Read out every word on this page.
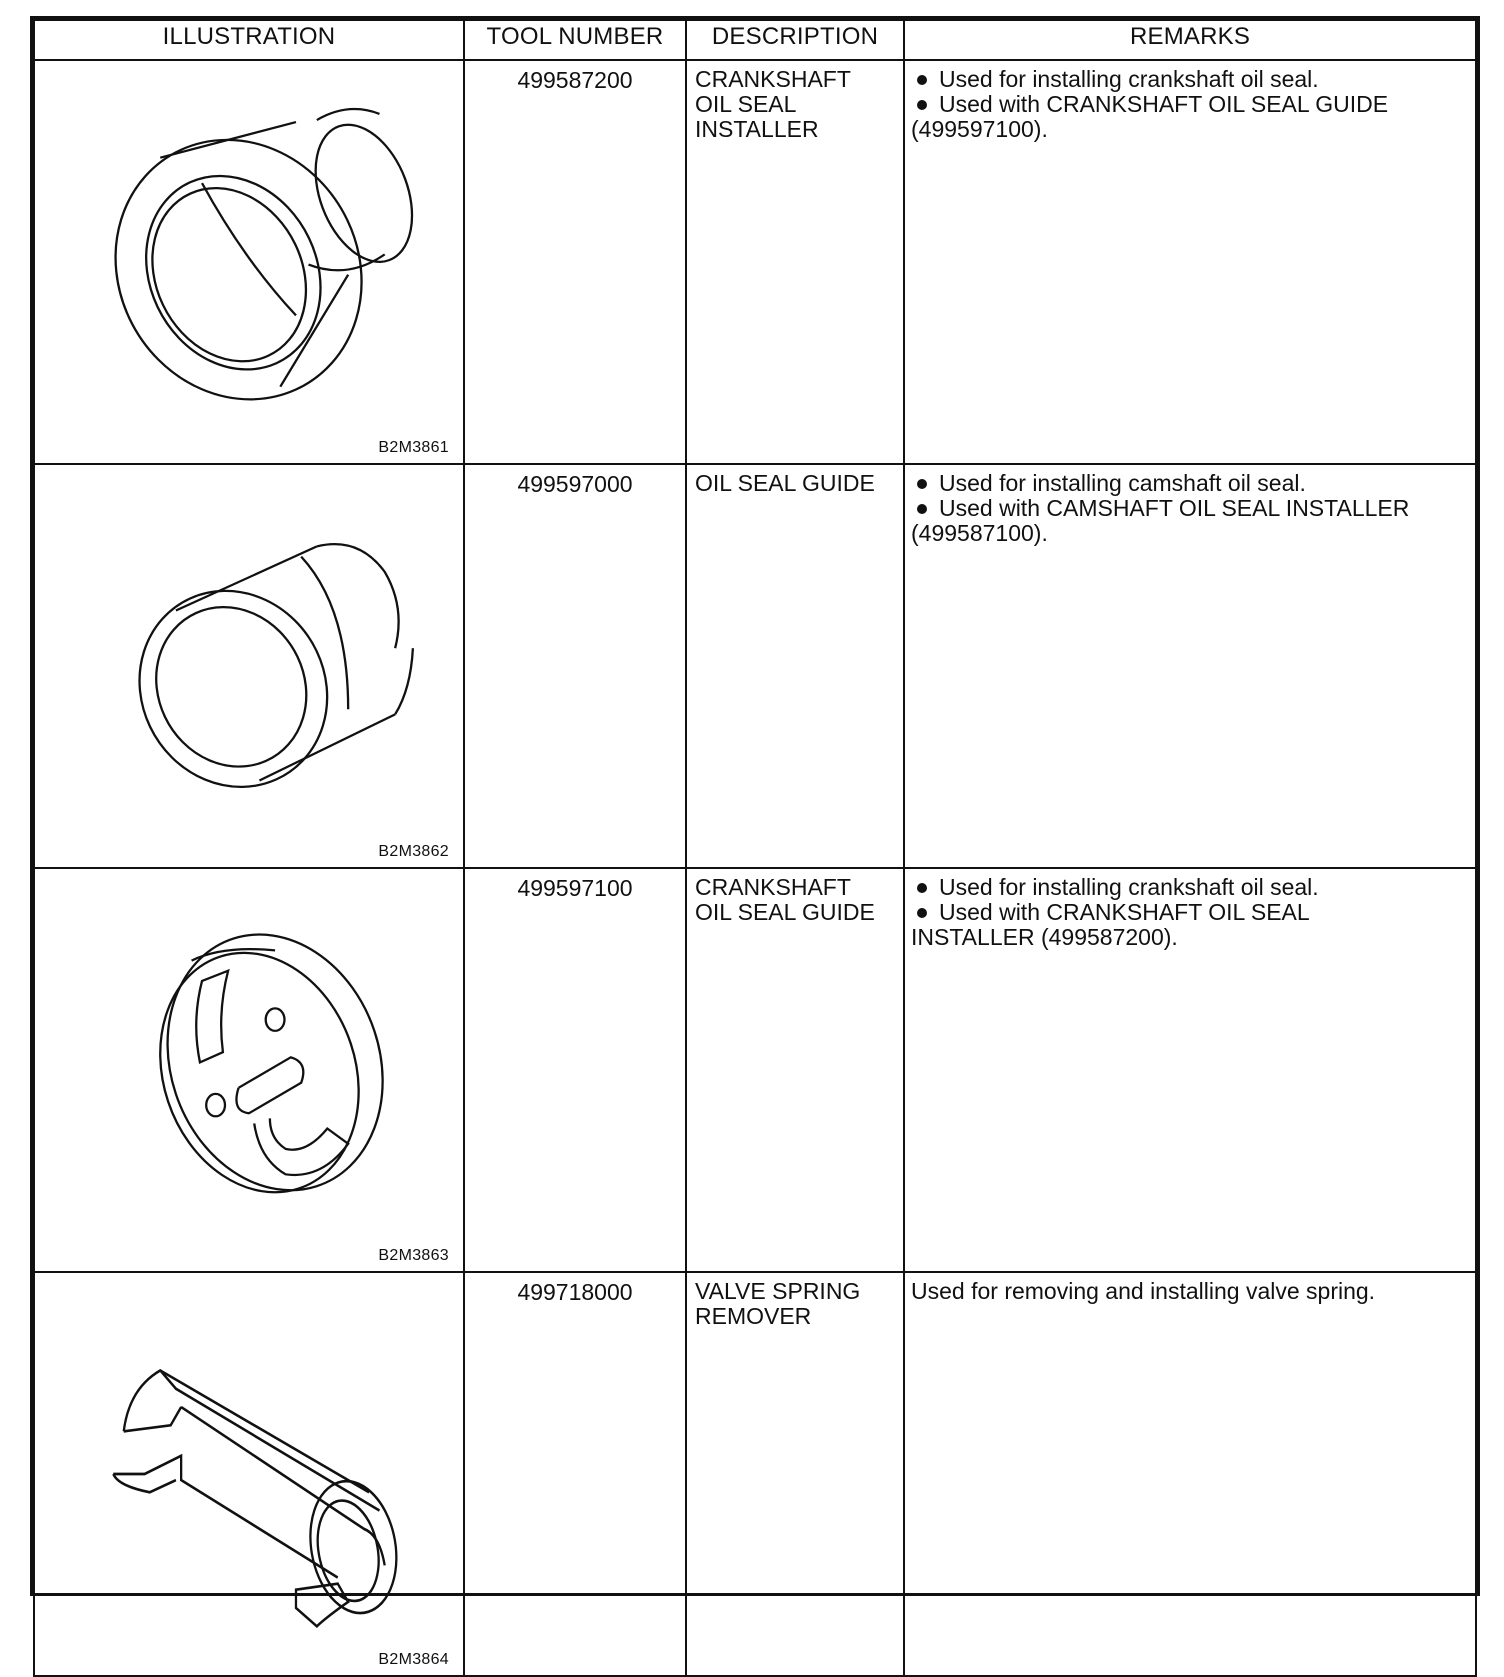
ILLUSTRATION	TOOL NUMBER	DESCRIPTION	REMARKS

B2M3861	499587200	CRANKSHAFT
OIL SEAL
INSTALLER	Used for installing crankshaft oil seal.
Used with CRANKSHAFT OIL SEAL GUIDE
(499597100).

B2M3862	499597000	OIL SEAL GUIDE	Used for installing camshaft oil seal.
Used with CAMSHAFT OIL SEAL INSTALLER
(499587100).

B2M3863	499597100	CRANKSHAFT
OIL SEAL GUIDE	Used for installing crankshaft oil seal.
Used with CRANKSHAFT OIL SEAL
INSTALLER (499587200).

B2M3864	499718000	VALVE SPRING
REMOVER	Used for removing and installing valve spring.
